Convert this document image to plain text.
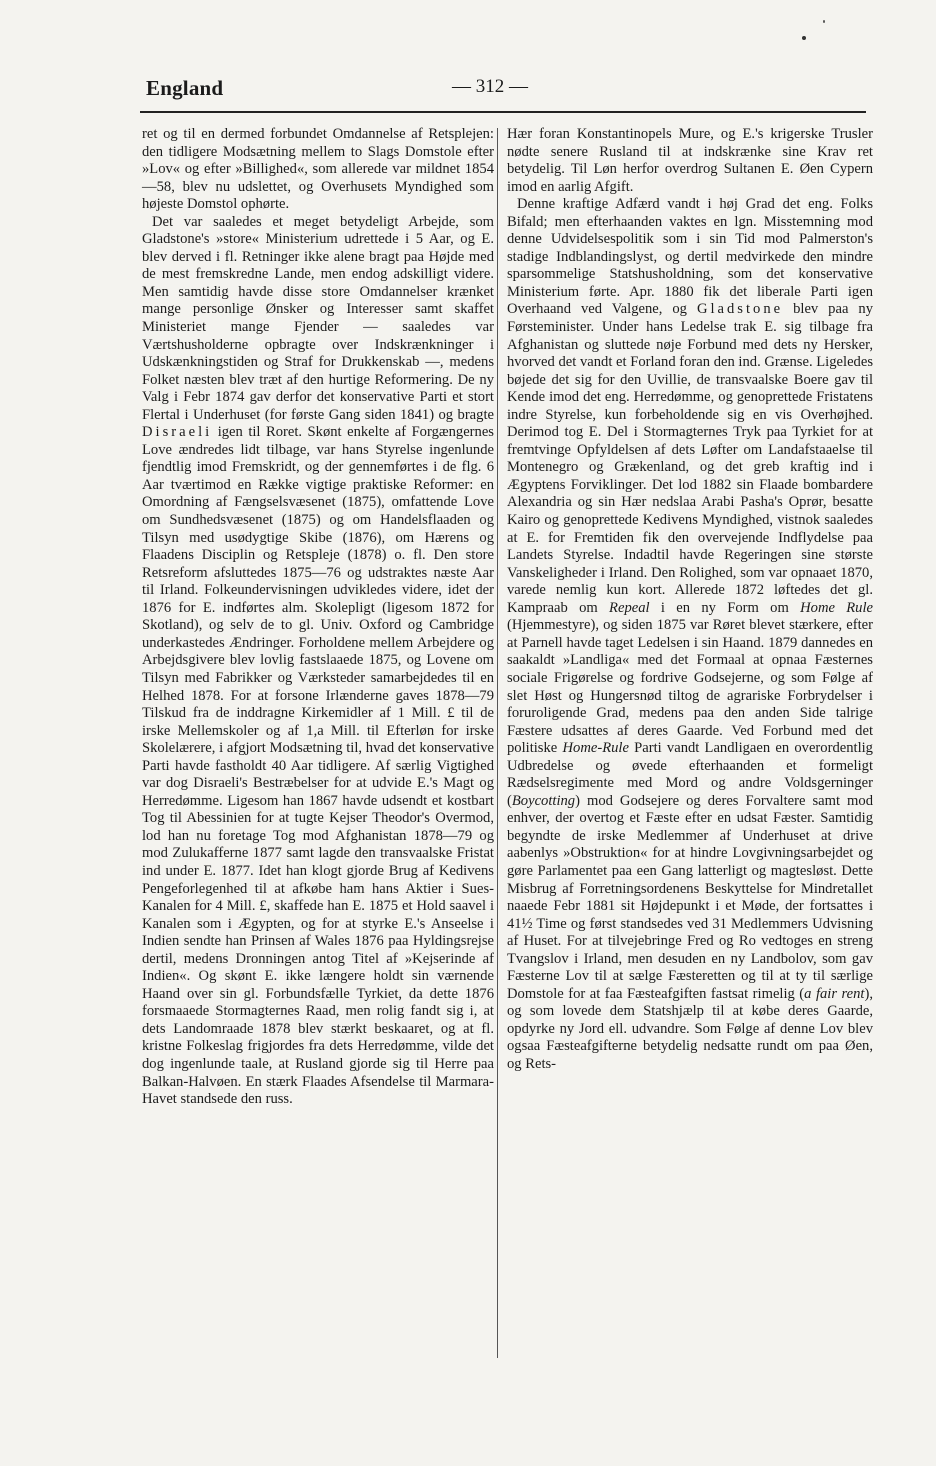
England	— 312 —

ret og til en dermed forbundet Omdannelse af Retsplejen: den tidligere Modsætning mellem to Slags Domstole efter »Lov« og efter »Billighed«, som allerede var mildnet 1854—58, blev nu udslettet, og Overhusets Myndighed som højeste Domstol ophørte.

Det var saaledes et meget betydeligt Arbejde, som Gladstone's »store« Ministerium udrettede i 5 Aar, og E. blev derved i fl. Retninger ikke alene bragt paa Højde med de mest fremskredne Lande, men endog adskilligt videre. Men samtidig havde disse store Omdannelser krænket mange personlige Ønsker og Interesser samt skaffet Ministeriet mange Fjender — saaledes var Værtshusholderne opbragte over Indskrænkninger i Udskænkningstiden og Straf for Drukkenskab —, medens Folket næsten blev træt af den hurtige Reformering. De ny Valg i Febr 1874 gav derfor det konservative Parti et stort Flertal i Underhuset (for første Gang siden 1841) og bragte Disraeli igen til Roret. Skønt enkelte af Forgængernes Love ændredes lidt tilbage, var hans Styrelse ingenlunde fjendtlig imod Fremskridt, og der gennemførtes i de flg. 6 Aar tværtimod en Række vigtige praktiske Reformer: en Omordning af Fængselsvæsenet (1875), omfattende Love om Sundhedsvæsenet (1875) og om Handelsflaaden og Tilsyn med usødygtige Skibe (1876), om Hærens og Flaadens Disciplin og Retspleje (1878) o. fl. Den store Retsreform afsluttedes 1875—76 og udstraktes næste Aar til Irland. Folkeundervisningen udvikledes videre, idet der 1876 for E. indførtes alm. Skolepligt (ligesom 1872 for Skotland), og selv de to gl. Univ. Oxford og Cambridge underkastedes Ændringer. Forholdene mellem Arbejdere og Arbejdsgivere blev lovlig fastslaaede 1875, og Lovene om Tilsyn med Fabrikker og Værksteder samarbejdedes til en Helhed 1878. For at forsone Irlænderne gaves 1878—79 Tilskud fra de inddragne Kirkemidler af 1 Mill. £ til de irske Mellemskoler og af 1,a Mill. til Efterløn for irske Skolelærere, i afgjort Modsætning til, hvad det konservative Parti havde fastholdt 40 Aar tidligere. Af særlig Vigtighed var dog Disraeli's Bestræbelser for at udvide E.'s Magt og Herredømme. Ligesom han 1867 havde udsendt et kostbart Tog til Abessinien for at tugte Kejser Theodor's Overmod, lod han nu foretage Tog mod Afghanistan 1878—79 og mod Zulukafferne 1877 samt lagde den transvaalske Fristat ind under E. 1877. Idet han klogt gjorde Brug af Kedivens Pengeforlegenhed til at afkøbe ham hans Aktier i Sues-Kanalen for 4 Mill. £, skaffede han E. 1875 et Hold saavel i Kanalen som i Ægypten, og for at styrke E.'s Anseelse i Indien sendte han Prinsen af Wales 1876 paa Hyldingsrejse dertil, medens Dronningen antog Titel af »Kejserinde af Indien«. Og skønt E. ikke længere holdt sin værnende Haand over sin gl. Forbundsfælle Tyrkiet, da dette 1876 forsmaaede Stormagternes Raad, men rolig fandt sig i, at dets Landomraade 1878 blev stærkt beskaaret, og at fl. kristne Folkeslag frigjordes fra dets Herredømme, vilde det dog ingenlunde taale, at Rusland gjorde sig til Herre paa Balkan-Halvøen. En stærk Flaades Afsendelse til Marmara-Havet standsede den russ.

Hær foran Konstantinopels Mure, og E.'s krigerske Trusler nødte senere Rusland til at indskrænke sine Krav ret betydelig. Til Løn herfor overdrog Sultanen E. Øen Cypern imod en aarlig Afgift.

Denne kraftige Adfærd vandt i høj Grad det eng. Folks Bifald; men efterhaanden vaktes en lgn. Misstemning mod denne Udvidelsespolitik som i sin Tid mod Palmerston's stadige Indblandingslyst, og dertil medvirkede den mindre sparsommelige Statshusholdning, som det konservative Ministerium førte. Apr. 1880 fik det liberale Parti igen Overhaand ved Valgene, og Gladstone blev paa ny Førsteminister. Under hans Ledelse trak E. sig tilbage fra Afghanistan og sluttede nøje Forbund med dets ny Hersker, hvorved det vandt et Forland foran den ind. Grænse. Ligeledes bøjede det sig for den Uvillie, de transvaalske Boere gav til Kende imod det eng. Herredømme, og genoprettede Fristatens indre Styrelse, kun forbeholdende sig en vis Overhøjhed. Derimod tog E. Del i Stormagternes Tryk paa Tyrkiet for at fremtvinge Opfyldelsen af dets Løfter om Landafstaaelse til Montenegro og Grækenland, og det greb kraftig ind i Ægyptens Forviklinger. Det lod 1882 sin Flaade bombardere Alexandria og sin Hær nedslaa Arabi Pasha's Oprør, besatte Kairo og genoprettede Kedivens Myndighed, vistnok saaledes at E. for Fremtiden fik den overvejende Indflydelse paa Landets Styrelse. Indadtil havde Regeringen sine største Vanskeligheder i Irland. Den Rolighed, som var opnaaet 1870, varede nemlig kun kort. Allerede 1872 løftedes det gl. Kampraab om Repeal i en ny Form om Home Rule (Hjemmestyre), og siden 1875 var Røret blevet stærkere, efter at Parnell havde taget Ledelsen i sin Haand. 1879 dannedes en saakaldt »Landliga« med det Formaal at opnaa Fæsternes sociale Frigørelse og fordrive Godsejerne, og som Følge af slet Høst og Hungersnød tiltog de agrariske Forbrydelser i foruroligende Grad, medens paa den anden Side talrige Fæstere udsattes af deres Gaarde. Ved Forbund med det politiske Home-Rule Parti vandt Landligaen en overordentlig Udbredelse og øvede efterhaanden et formeligt Rædselsregimente med Mord og andre Voldsgerninger (Boycotting) mod Godsejere og deres Forvaltere samt mod enhver, der overtog et Fæste efter en udsat Fæster. Samtidig begyndte de irske Medlemmer af Underhuset at drive aabenlys »Obstruktion« for at hindre Lovgivningsarbejdet og gøre Parlamentet paa een Gang latterligt og magtesløst. Dette Misbrug af Forretningsordenens Beskyttelse for Mindretallet naaede Febr 1881 sit Højdepunkt i et Møde, der fortsattes i 41½ Time og først standsedes ved 31 Medlemmers Udvisning af Huset. For at tilvejebringe Fred og Ro vedtoges en streng Tvangslov i Irland, men desuden en ny Landbolov, som gav Fæsterne Lov til at sælge Fæsteretten og til at ty til særlige Domstole for at faa Fæsteafgiften fastsat rimelig (a fair rent), og som lovede dem Statshjælp til at købe deres Gaarde, opdyrke ny Jord ell. udvandre. Som Følge af denne Lov blev ogsaa Fæsteafgifterne betydelig nedsatte rundt om paa Øen, og Rets-
